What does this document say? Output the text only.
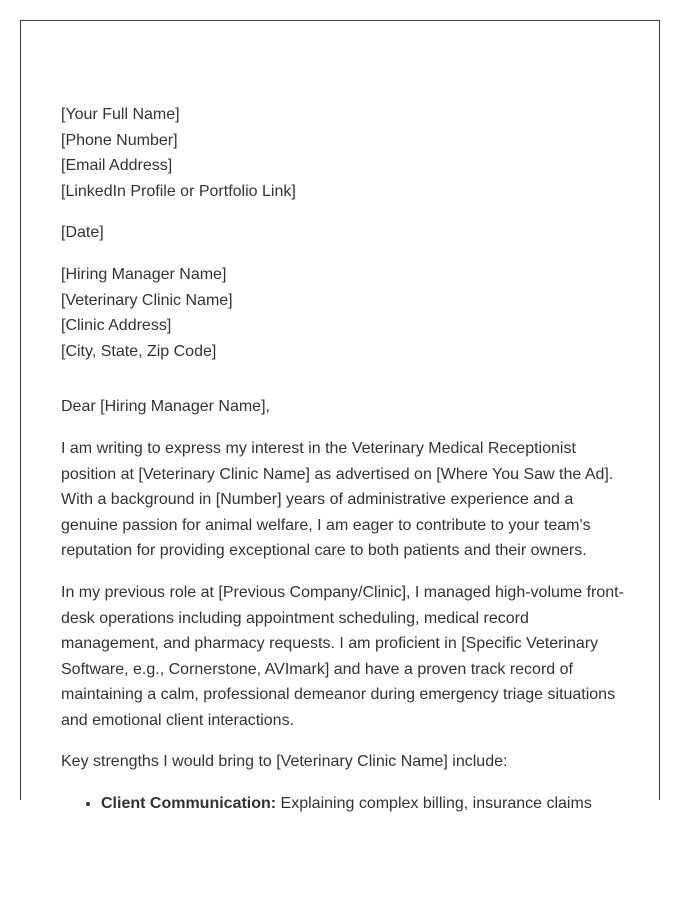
[Your Full Name]
[Phone Number]
[Email Address]
[LinkedIn Profile or Portfolio Link]
[Date]
[Hiring Manager Name]
[Veterinary Clinic Name]
[Clinic Address]
[City, State, Zip Code]

Dear [Hiring Manager Name],

I am writing to express my interest in the Veterinary Medical Receptionist position at [Veterinary Clinic Name] as advertised on [Where You Saw the Ad]. With a background in [Number] years of administrative experience and a genuine passion for animal welfare, I am eager to contribute to your team's reputation for providing exceptional care to both patients and their owners.

In my previous role at [Previous Company/Clinic], I managed high-volume front-desk operations including appointment scheduling, medical record management, and pharmacy requests. I am proficient in [Specific Veterinary Software, e.g., Cornerstone, AVImark] and have a proven track record of maintaining a calm, professional demeanor during emergency triage situations and emotional client interactions.

Key strengths I would bring to [Veterinary Clinic Name] include:

• Client Communication: Explaining complex billing, insurance claims
